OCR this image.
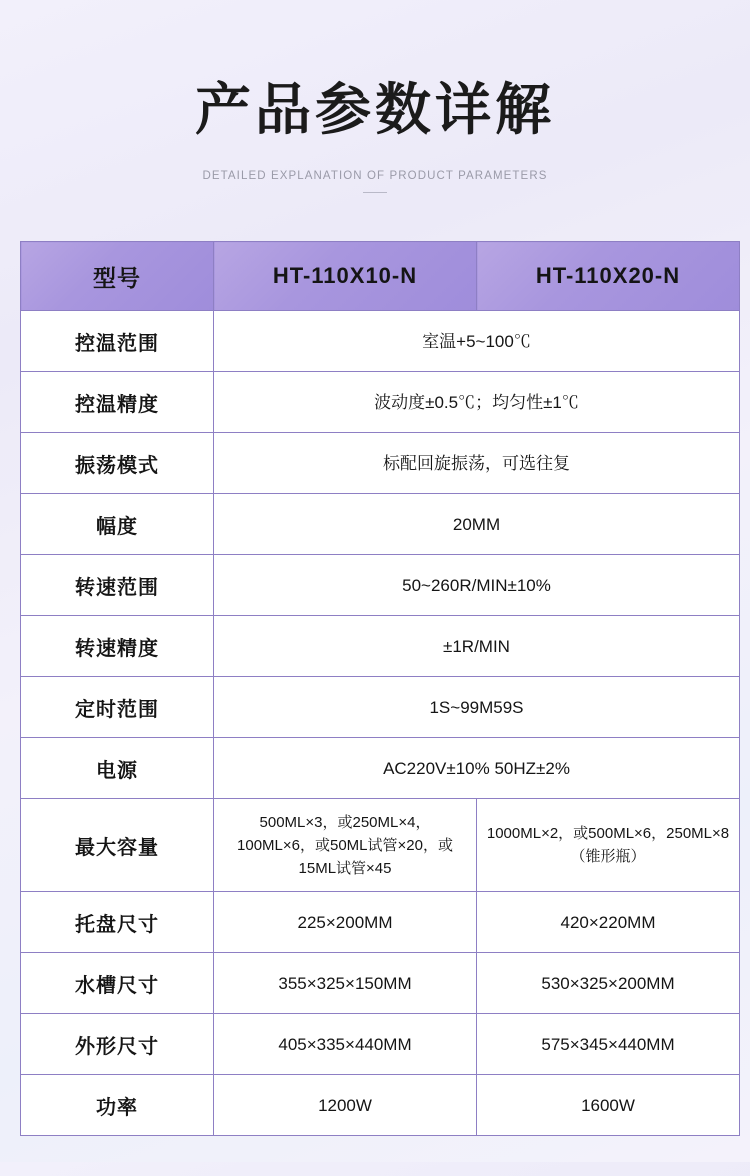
产品参数详解
DETAILED EXPLANATION OF PRODUCT PARAMETERS
型号	HT-110X10-N	HT-110X20-N
控温范围	室温+5~100℃	
控温精度	波动度±0.5℃；均匀性±1℃	
振荡模式	标配回旋振荡，可选往复	
幅度	20MM	
转速范围	50~260R/MIN±10%	
转速精度	±1R/MIN	
定时范围	1S~99M59S	
电源	AC220V±10% 50HZ±2%	
最大容量	500ML×3，或250ML×4，100ML×6，或50ML试管×20，或15ML试管×45	1000ML×2，或500ML×6，250ML×8（锥形瓶）
托盘尺寸	225×200MM	420×220MM
水槽尺寸	355×325×150MM	530×325×200MM
外形尺寸	405×335×440MM	575×345×440MM
功率	1200W	1600W
